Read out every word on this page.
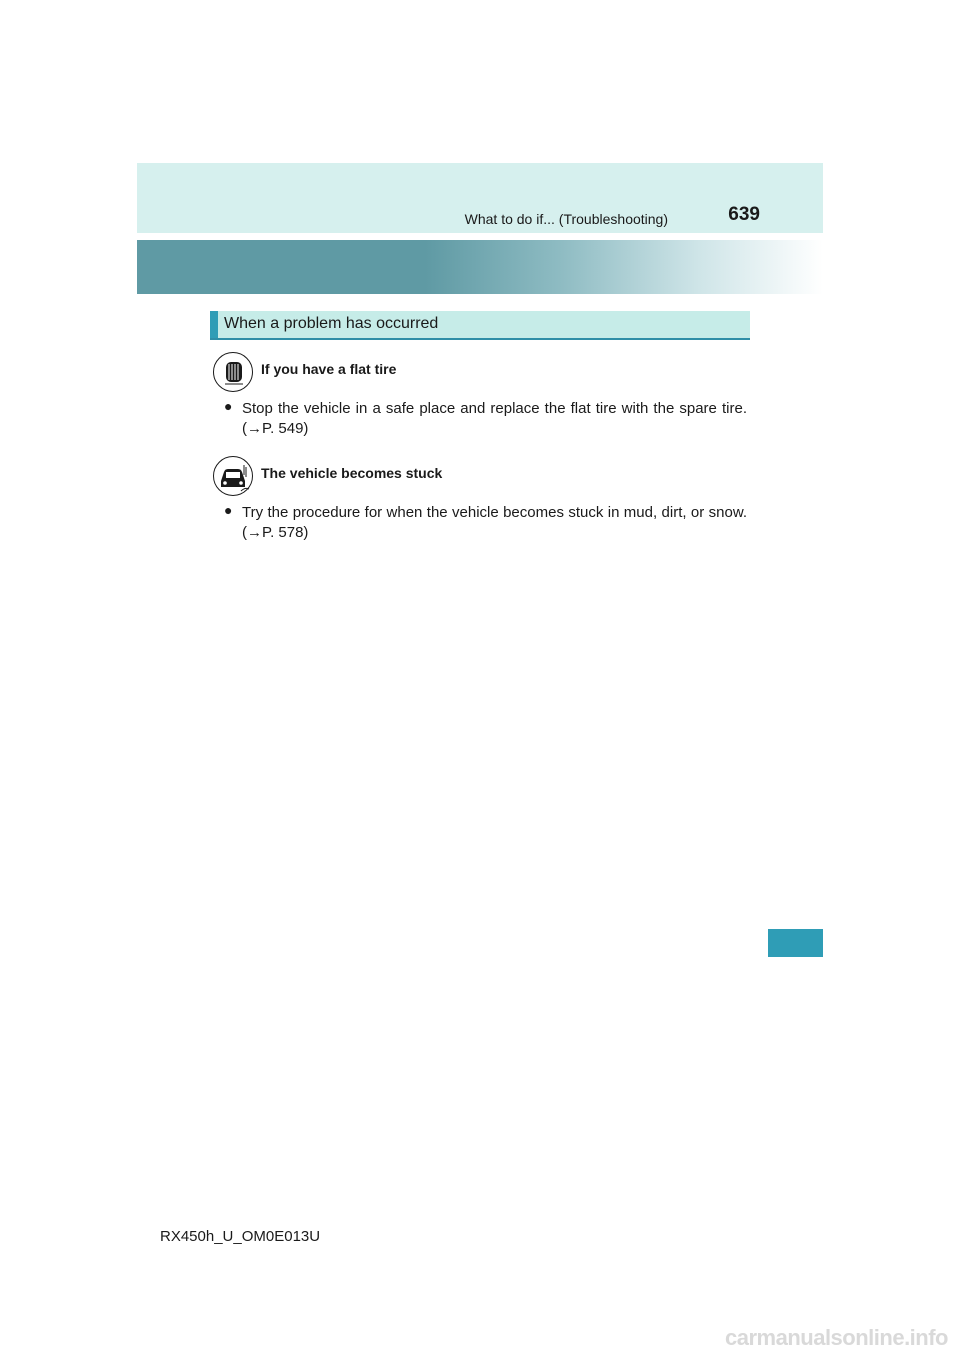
What to do if... (Troubleshooting)	639
When a problem has occurred
If you have a flat tire
● Stop the vehicle in a safe place and replace the flat tire with the spare tire.
(→P. 549)
The vehicle becomes stuck
● Try the procedure for when the vehicle becomes stuck in mud, dirt, or snow.
(→P. 578)
RX450h_U_OM0E013U
carmanualsonline.info
